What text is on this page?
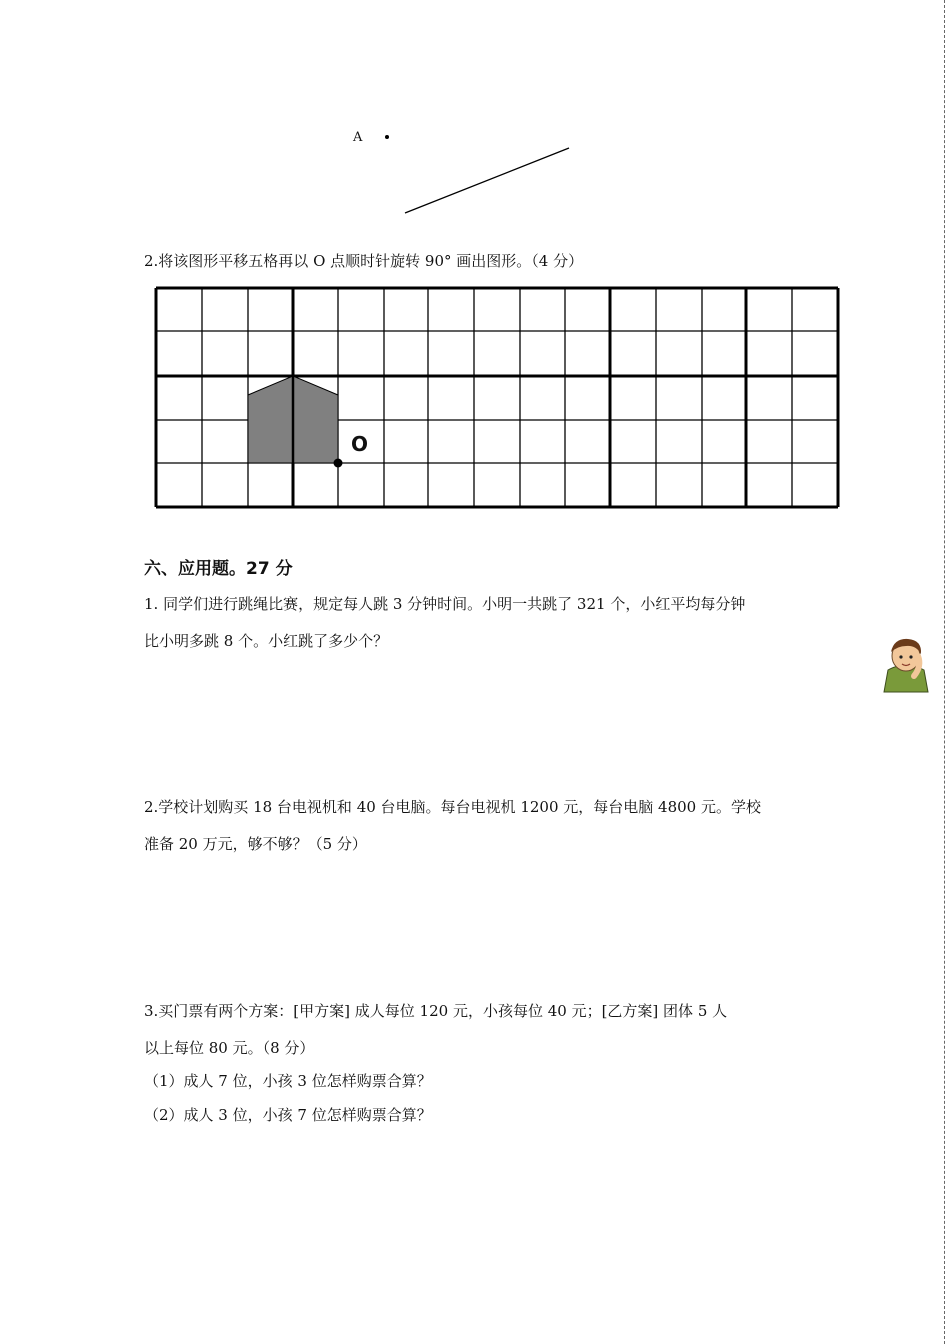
A
2.将该图形平移五格再以 O 点顺时针旋转 90° 画出图形。（4 分）
O
六、应用题。27 分
1. 同学们进行跳绳比赛，规定每人跳 3 分钟时间。小明一共跳了 321 个，小红平均每分钟
比小明多跳 8 个。小红跳了多少个？
2.学校计划购买 18 台电视机和 40 台电脑。每台电视机 1200 元，每台电脑 4800 元。学校
准备 20 万元，够不够？（5 分）
3.买门票有两个方案：[甲方案] 成人每位 120 元，小孩每位 40 元；[乙方案] 团体 5 人
以上每位 80 元。（8 分）
（1）成人 7 位，小孩 3 位怎样购票合算？
（2）成人 3 位，小孩 7 位怎样购票合算？
